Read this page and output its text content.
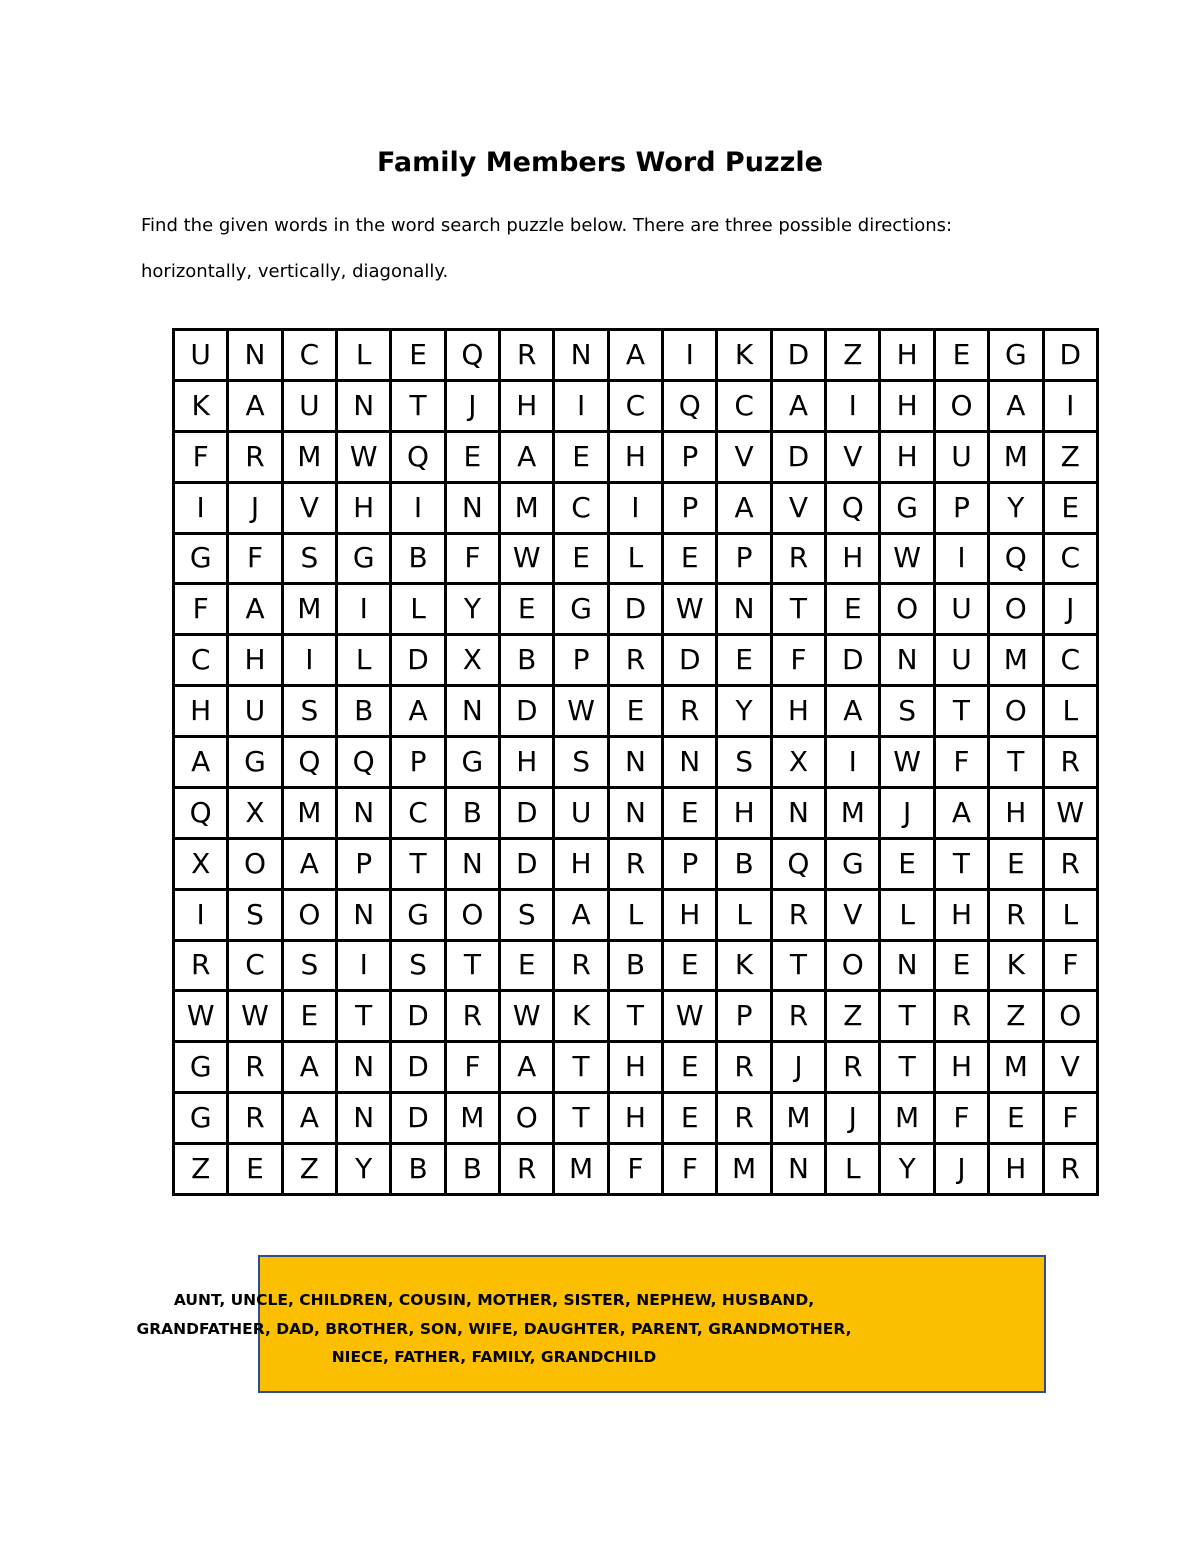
Family Members Word Puzzle

Find the given words in the word search puzzle below. There are three possible directions:

horizontally, vertically, diagonally.

U	N	C	L	E	Q	R	N	A	I	K	D	Z	H	E	G	D
K	A	U	N	T	J	H	I	C	Q	C	A	I	H	O	A	I
F	R	M	W	Q	E	A	E	H	P	V	D	V	H	U	M	Z
I	J	V	H	I	N	M	C	I	P	A	V	Q	G	P	Y	E
G	F	S	G	B	F	W	E	L	E	P	R	H	W	I	Q	C
F	A	M	I	L	Y	E	G	D	W	N	T	E	O	U	O	J
C	H	I	L	D	X	B	P	R	D	E	F	D	N	U	M	C
H	U	S	B	A	N	D	W	E	R	Y	H	A	S	T	O	L
A	G	Q	Q	P	G	H	S	N	N	S	X	I	W	F	T	R
Q	X	M	N	C	B	D	U	N	E	H	N	M	J	A	H	W
X	O	A	P	T	N	D	H	R	P	B	Q	G	E	T	E	R
I	S	O	N	G	O	S	A	L	H	L	R	V	L	H	R	L
R	C	S	I	S	T	E	R	B	E	K	T	O	N	E	K	F
W	W	E	T	D	R	W	K	T	W	P	R	Z	T	R	Z	O
G	R	A	N	D	F	A	T	H	E	R	J	R	T	H	M	V
G	R	A	N	D	M	O	T	H	E	R	M	J	M	F	E	F
Z	E	Z	Y	B	B	R	M	F	F	M	N	L	Y	J	H	R
AUNT, UNCLE, CHILDREN, COUSIN, MOTHER, SISTER, NEPHEW, HUSBAND,
GRANDFATHER, DAD, BROTHER, SON, WIFE, DAUGHTER, PARENT, GRANDMOTHER,
NIECE, FATHER, FAMILY, GRANDCHILD
